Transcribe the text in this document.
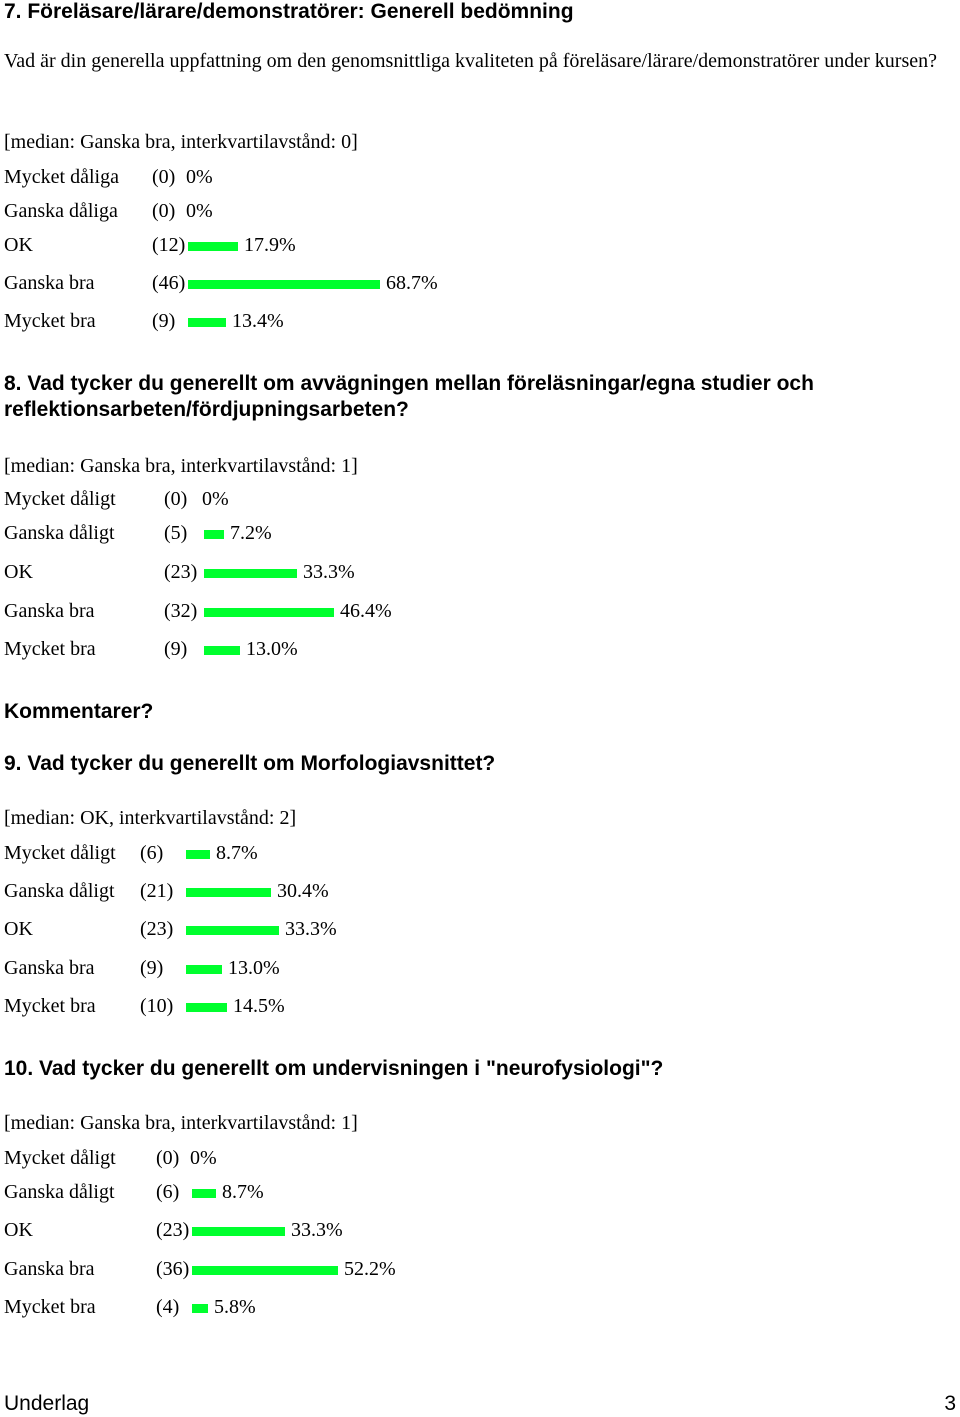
7. Föreläsare/lärare/demonstratörer: Generell bedömning

Vad är din generella uppfattning om den genomsnittliga kvaliteten på föreläsare/lärare/demonstratörer under kursen?

[median: Ganska bra, interkvartilavstånd: 0]

Mycket dåliga (0) 0%
Ganska dåliga (0) 0%
OK	(12)	17.9%
Ganska bra	(46)	68.7%
Mycket bra	(9)	13.4%
8. Vad tycker du generellt om avvägningen mellan föreläsningar/egna studier och
reflektionsarbeten/fördjupningsarbeten?

[median: Ganska bra, interkvartilavstånd: 1]

Mycket dåligt (0) 0%
Ganska dåligt (5) 7.2%
OK	(23)	33.3%
Ganska bra	(32)	46.4%
Mycket bra	(9)	13.0%
Kommentarer?
9. Vad tycker du generellt om Morfologiavsnittet?

[median: OK, interkvartilavstånd: 2]

Mycket dåligt (6)	8.7%
Ganska dåligt (21)	30.4%
OK	(23)	33.3%
Ganska bra (9)	13.0%
Mycket bra (10)	14.5%
10. Vad tycker du generellt om undervisningen i "neurofysiologi"?

[median: Ganska bra, interkvartilavstånd: 1]

Mycket dåligt (0) 0%
Ganska dåligt (6) 8.7%
OK	(23)	33.3%
Ganska bra	(36)	52.2%
Mycket bra	(4) 5.8%
Underlag	3
